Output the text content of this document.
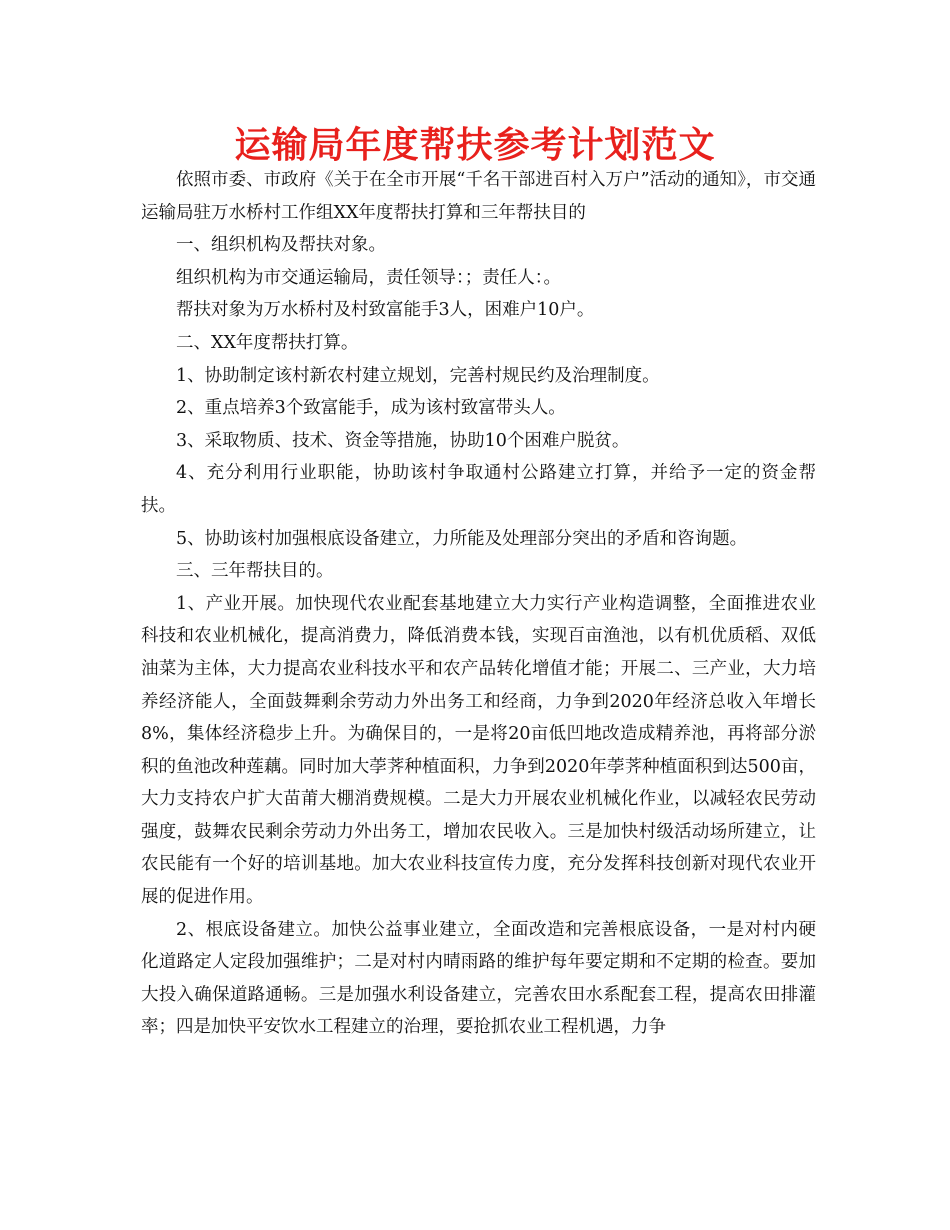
运输局年度帮扶参考计划范文

依照市委、市政府《关于在全市开展“千名干部进百村入万户”活动的通知》，市交通运输局驻万水桥村工作组XX年度帮扶打算和三年帮扶目的

一、组织机构及帮扶对象。

组织机构为市交通运输局，责任领导：；责任人：。

帮扶对象为万水桥村及村致富能手3人，困难户10户。

二、XX年度帮扶打算。

1、协助制定该村新农村建立规划，完善村规民约及治理制度。

2、重点培养3个致富能手，成为该村致富带头人。

3、采取物质、技术、资金等措施，协助10个困难户脱贫。

4、充分利用行业职能，协助该村争取通村公路建立打算，并给予一定的资金帮扶。

5、协助该村加强根底设备建立，力所能及处理部分突出的矛盾和咨询题。

三、三年帮扶目的。

1、产业开展。加快现代农业配套基地建立大力实行产业构造调整，全面推进农业科技和农业机械化，提高消费力，降低消费本钱，实现百亩渔池，以有机优质稻、双低油菜为主体，大力提高农业科技水平和农产品转化增值才能；开展二、三产业，大力培养经济能人，全面鼓舞剩余劳动力外出务工和经商，力争到2020年经济总收入年增长8%，集体经济稳步上升。为确保目的，一是将20亩低凹地改造成精养池，再将部分淤积的鱼池改种莲藕。同时加大荸荠种植面积，力争到2020年荸荠种植面积到达500亩，大力支持农户扩大苗莆大棚消费规模。二是大力开展农业机械化作业，以减轻农民劳动强度，鼓舞农民剩余劳动力外出务工，增加农民收入。三是加快村级活动场所建立，让农民能有一个好的培训基地。加大农业科技宣传力度，充分发挥科技创新对现代农业开展的促进作用。

2、根底设备建立。加快公益事业建立，全面改造和完善根底设备，一是对村内硬化道路定人定段加强维护；二是对村内晴雨路的维护每年要定期和不定期的检查。要加大投入确保道路通畅。三是加强水利设备建立，完善农田水系配套工程，提高农田排灌率；四是加快平安饮水工程建立的治理，要抢抓农业工程机遇，力争
